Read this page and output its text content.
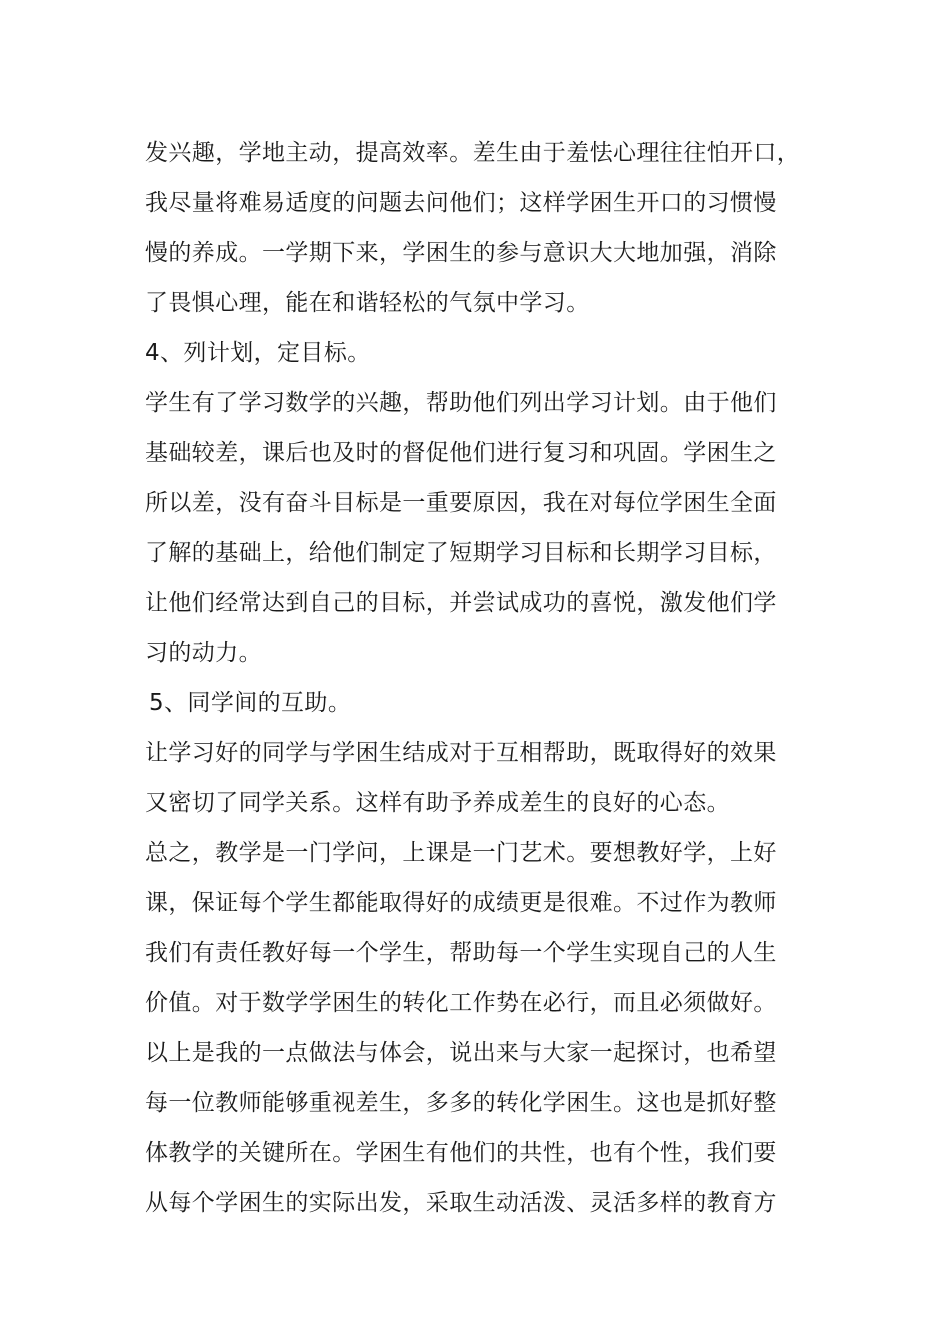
发兴趣，学地主动，提高效率。差生由于羞怯心理往往怕开口，
我尽量将难易适度的问题去问他们；这样学困生开口的习惯慢
慢的养成。一学期下来，学困生的参与意识大大地加强，消除
了畏惧心理，能在和谐轻松的气氛中学习。
4、列计划，定目标。
学生有了学习数学的兴趣，帮助他们列出学习计划。由于他们
基础较差，课后也及时的督促他们进行复习和巩固。学困生之
所以差，没有奋斗目标是一重要原因，我在对每位学困生全面
了解的基础上，给他们制定了短期学习目标和长期学习目标，
让他们经常达到自己的目标，并尝试成功的喜悦，激发他们学
习的动力。
5、同学间的互助。
让学习好的同学与学困生结成对于互相帮助，既取得好的效果
又密切了同学关系。这样有助予养成差生的良好的心态。
总之，教学是一门学问，上课是一门艺术。要想教好学，上好
课，保证每个学生都能取得好的成绩更是很难。不过作为教师
我们有责任教好每一个学生，帮助每一个学生实现自己的人生
价值。对于数学学困生的转化工作势在必行，而且必须做好。
以上是我的一点做法与体会，说出来与大家一起探讨，也希望
每一位教师能够重视差生，多多的转化学困生。这也是抓好整
体教学的关键所在。学困生有他们的共性，也有个性，我们要
从每个学困生的实际出发，采取生动活泼、灵活多样的教育方
